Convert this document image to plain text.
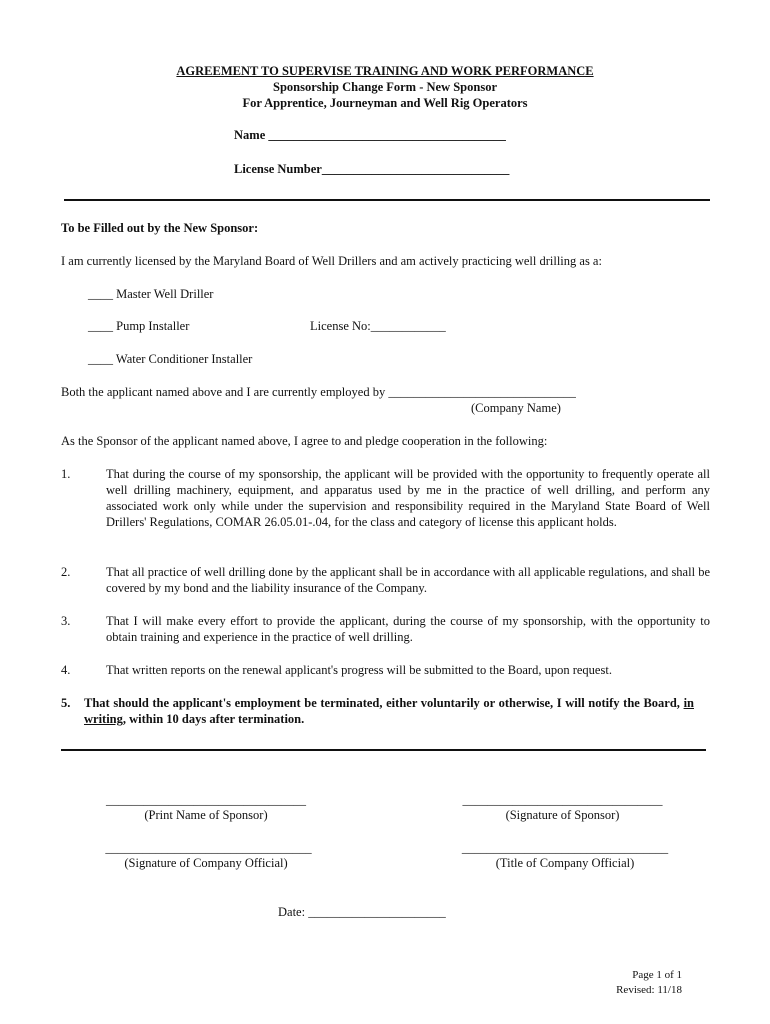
AGREEMENT TO SUPERVISE TRAINING AND WORK PERFORMANCE
Sponsorship Change Form - New Sponsor
For Apprentice, Journeyman and Well Rig Operators
Name ______________________________________
License Number______________________________
To be Filled out by the New Sponsor:
I am currently licensed by the Maryland Board of Well Drillers and am actively practicing well drilling as a:
____ Master Well Driller
____ Pump Installer	License No:____________
____ Water Conditioner Installer
Both the applicant named above and I are currently employed by ______________________________
(Company Name)
As the Sponsor of the applicant named above, I agree to and pledge cooperation in the following:
1.	That during the course of my sponsorship, the applicant will be provided with the opportunity to frequently operate all well drilling machinery, equipment, and apparatus used by me in the practice of well drilling, and perform any associated work only while under the supervision and responsibility required in the Maryland State Board of Well Drillers' Regulations, COMAR 26.05.01-.04, for the class and category of license this applicant holds.
2.	That all practice of well drilling done by the applicant shall be in accordance with all applicable regulations, and shall be covered by my bond and the liability insurance of the Company.
3.	That I will make every effort to provide the applicant, during the course of my sponsorship, with the opportunity to obtain training and experience in the practice of well drilling.
4.	That written reports on the renewal applicant's progress will be submitted to the Board, upon request.
5. That should the applicant's employment be terminated, either voluntarily or otherwise, I will notify the Board, in writing, within 10 days after termination.
________________________________
(Print Name of Sponsor)
________________________________
(Signature of Sponsor)
_________________________________
(Signature of Company Official)
_________________________________
(Title of Company Official)
Date: ______________________
Page 1 of 1
Revised: 11/18
